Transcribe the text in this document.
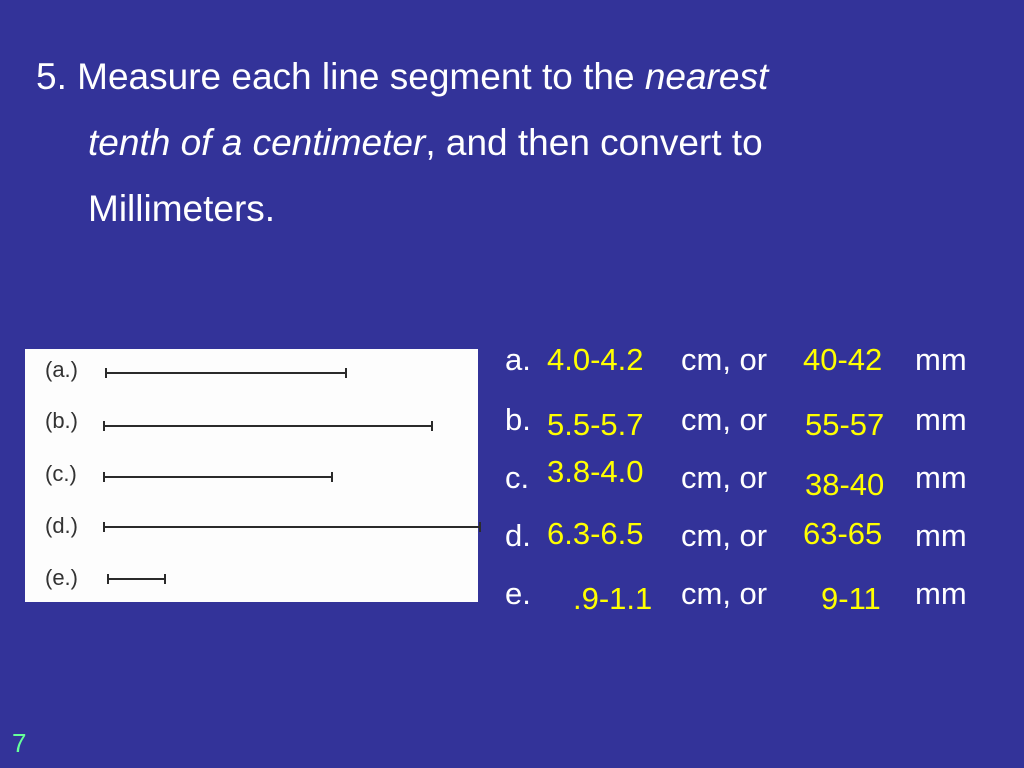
5. Measure each line segment to the nearest
tenth of a centimeter, and then convert to
Millimeters.
(a.)
(b.)
(c.)
(d.)
(e.)
a. 4.0-4.2 cm, or 40-42 mm
b. 5.5-5.7 cm, or 55-57 mm
c. 3.8-4.0 cm, or 38-40 mm
d. 6.3-6.5 cm, or 63-65 mm
e. .9-1.1 cm, or 9-11 mm
7
